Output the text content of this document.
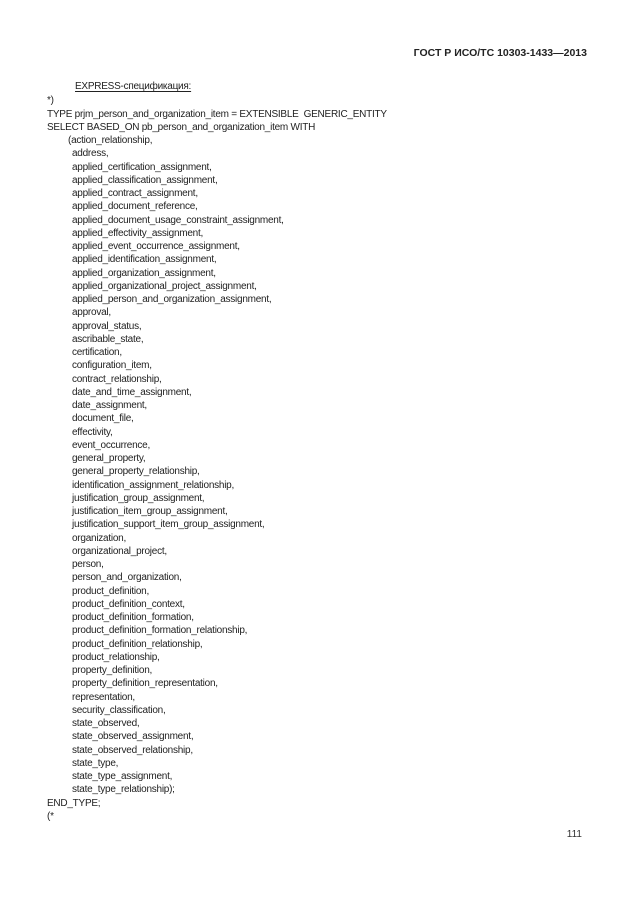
ГОСТ Р ИСО/ТС 10303-1433—2013
EXPRESS-спецификация:
*)
TYPE prjm_person_and_organization_item = EXTENSIBLE  GENERIC_ENTITY
SELECT BASED_ON pb_person_and_organization_item WITH
(action_relationship,
address,
applied_certification_assignment,
applied_classification_assignment,
applied_contract_assignment,
applied_document_reference,
applied_document_usage_constraint_assignment,
applied_effectivity_assignment,
applied_event_occurrence_assignment,
applied_identification_assignment,
applied_organization_assignment,
applied_organizational_project_assignment,
applied_person_and_organization_assignment,
approval,
approval_status,
ascribable_state,
certification,
configuration_item,
contract_relationship,
date_and_time_assignment,
date_assignment,
document_file,
effectivity,
event_occurrence,
general_property,
general_property_relationship,
identification_assignment_relationship,
justification_group_assignment,
justification_item_group_assignment,
justification_support_item_group_assignment,
organization,
organizational_project,
person,
person_and_organization,
product_definition,
product_definition_context,
product_definition_formation,
product_definition_formation_relationship,
product_definition_relationship,
product_relationship,
property_definition,
property_definition_representation,
representation,
security_classification,
state_observed,
state_observed_assignment,
state_observed_relationship,
state_type,
state_type_assignment,
state_type_relationship);
END_TYPE;
(*
111
